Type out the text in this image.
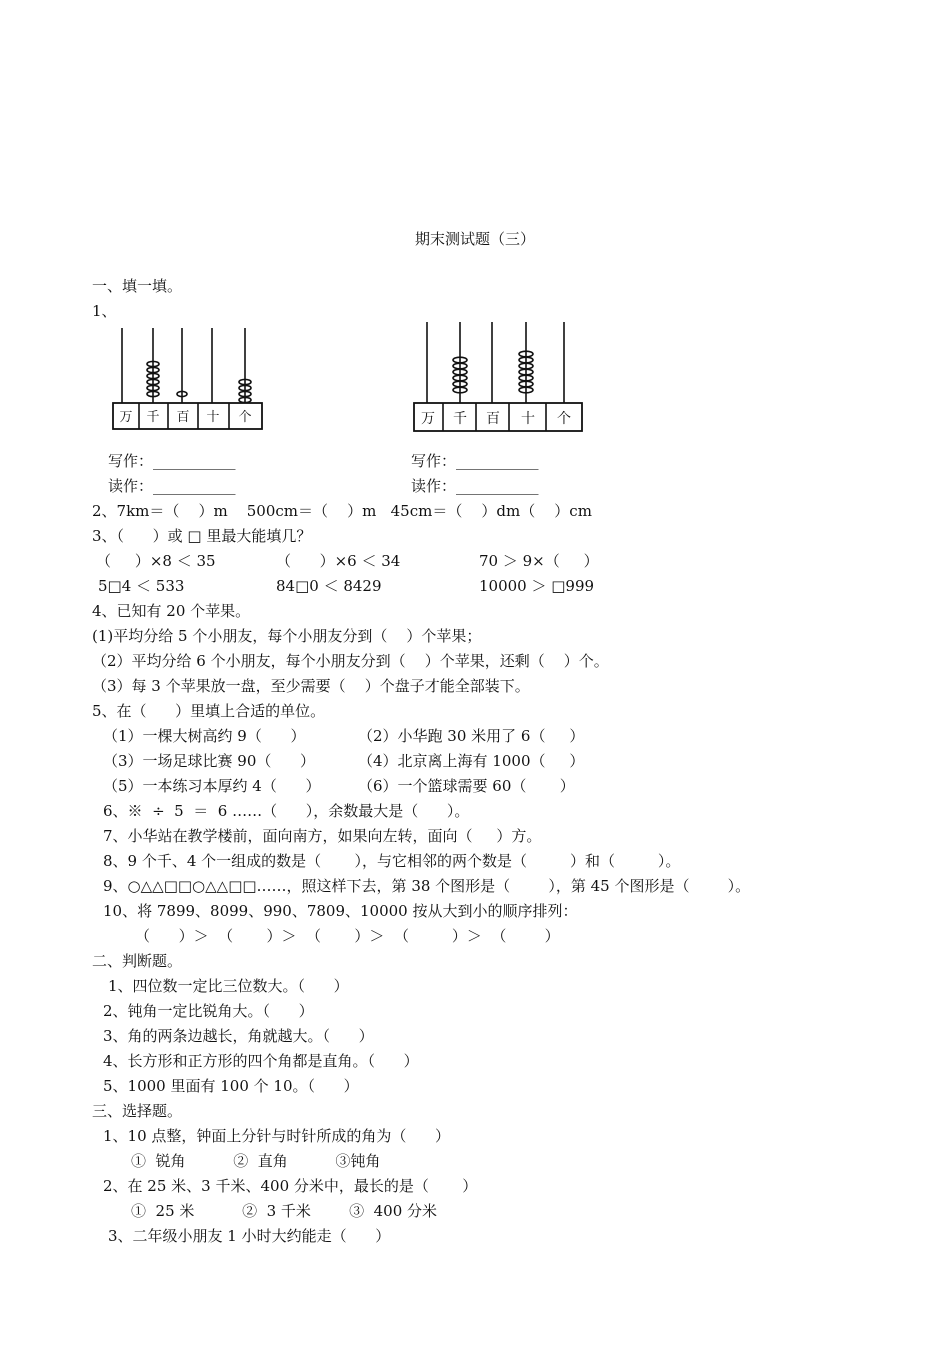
期末测试题（三）
一、填一填。
1、
万 千 百 十 个	万 千 百 十 个
写作：___________
读作：___________
写作：___________
读作：___________
2、7km＝（    ）m    500cm＝（    ）m   45cm＝（    ）dm（    ）cm
3、（      ）或 □ 里最大能填几？
（     ）×8 ＜ 35	（      ）×6 ＜ 34	70 ＞ 9×（     ）
5□4 ＜ 533	84□0 ＜ 8429	10000 ＞ □999
4、已知有 20 个苹果。
(1)平均分给 5 个小朋友，每个小朋友分到（    ）个苹果；
（2）平均分给 6 个小朋友，每个小朋友分到（    ）个苹果，还剩（    ）个。
（3）每 3 个苹果放一盘，至少需要（    ）个盘子才能全部装下。
5、在（      ）里填上合适的单位。
（1）一棵大树高约 9（      ）	（2）小华跑 30 米用了 6（     ）
（3）一场足球比赛 90（      ）	（4）北京离上海有 1000（     ）
（5）一本练习本厚约 4（      ）	（6）一个篮球需要 60（       ）
6、※  ÷  5  ＝  6 ……（      ），余数最大是（      ）。
7、小华站在教学楼前，面向南方，如果向左转，面向（     ）方。
8、9 个千、4 个一组成的数是（       ），与它相邻的两个数是（         ）和（         ）。
9、○△△□□○△△□□……，照这样下去，第 38 个图形是（        ），第 45 个图形是（        ）。
10、将 7899、8099、990、7809、10000 按从大到小的顺序排列：
（      ）＞  （       ）＞  （       ）＞  （         ）＞  （        ）
二、判断题。
1、四位数一定比三位数大。（      ）
2、钝角一定比锐角大。（      ）
3、角的两条边越长，角就越大。（      ）
4、长方形和正方形的四个角都是直角。（      ）
5、1000 里面有 100 个 10。（      ）
三、选择题。
1、10 点整，钟面上分针与时针所成的角为（      ）
①  锐角          ②  直角          ③钝角
2、在 25 米、3 千米、400 分米中，最长的是（       ）
①  25 米          ②  3 千米        ③  400 分米
3、二年级小朋友 1 小时大约能走（      ）
